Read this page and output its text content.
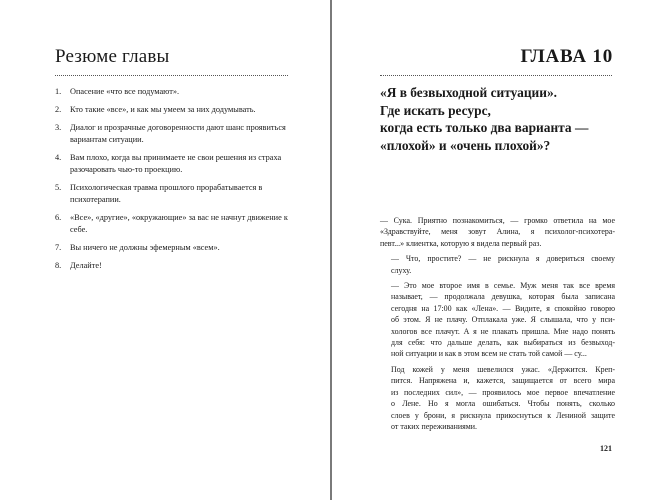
Резюме главы
1.	Опасение «что все подумают».
2.	Кто такие «все», и как мы умеем за них додумывать.
3.	Диалог и прозрачные договоренности дают шанс проявиться вариантам ситуации.
4.	Вам плохо, когда вы принимаете не свои решения из страха разочаровать чью-то проекцию.
5.	Психологическая травма прошлого прорабатывается в психотерапии.
6.	«Все», «другие», «окружающие» за вас не начнут движение к себе.
7.	Вы ничего не должны эфемерным «всем».
8.	Делайте!
ГЛАВА 10
«Я в безвыходной ситуации».
Где искать ресурс,
когда есть только два варианта —
«плохой» и «очень плохой»?

— Сука. Приятно познакомиться, — громко ответила на мое
«Здравствуйте, меня зовут Алина, я психолог-психотера-
певт...» клиентка, которую я видела первый раз.

— Что, простите? — не рискнула я довериться своему
слуху.

— Это мое второе имя в семье. Муж меня так все время
называет, — продолжала девушка, которая была записана
сегодня на 17:00 как «Лена». — Видите, я спокойно говорю
об этом. Я не плачу. Отплакала уже. Я слышала, что у пси-
хологов все плачут. А я не плакать пришла. Мне надо понять
для себя: что дальше делать, как выбираться из безвыход-
ной ситуации и как в этом всем не стать той самой — су...

Под кожей у меня шевелился ужас. «Держится. Креп-
пится. Напряжена и, кажется, защищается от всего мира
из последних сил», — проявилось мое первое впечатление
о Лене. Но я могла ошибаться. Чтобы понять, сколько
слоев у брони, я рискнула прикоснуться к Лениной защите
от таких переживаниями.

121
